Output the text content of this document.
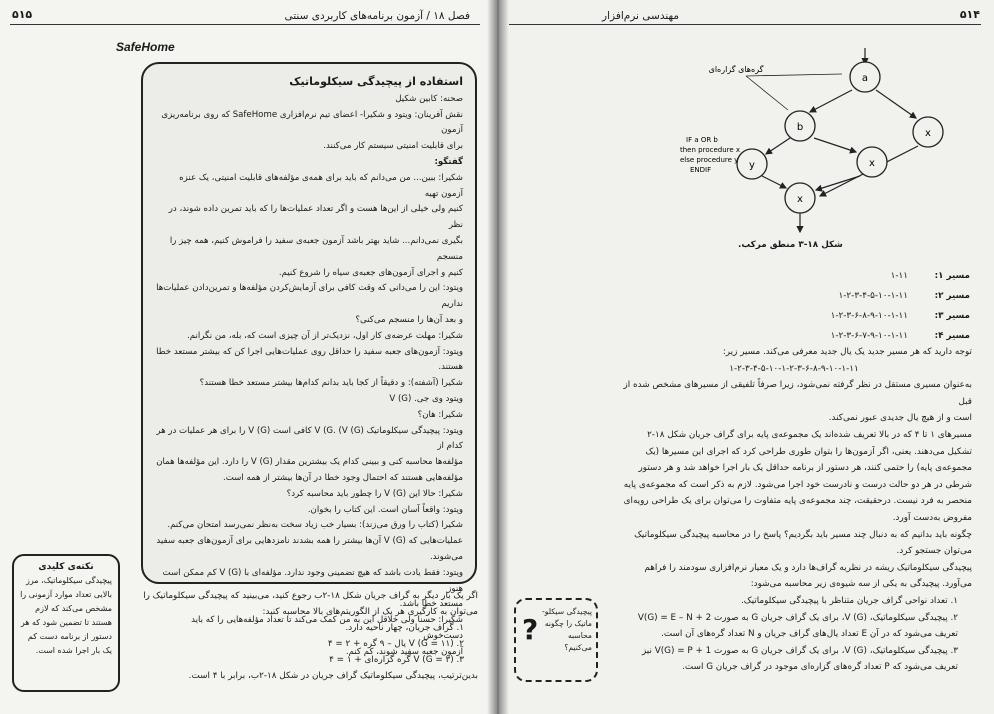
۵۱۵	فصل ۱۸ / آزمون برنامه‌های کاربردی سنتی
SafeHome
استفاده از پیچیدگی سیکلوماتیک

صحنه: کابین شکیل

نقش آفرینان: ویتود و شکیرا- اعضای تیم نرم‌افزاری SafeHome که روی برنامه‌ریزی آزمون

برای قابلیت امنیتی سیستم کار می‌کنند.

گفتگو:

شکیرا: ببین... من می‌دانم که باید برای همه‌ی مؤلفه‌های قابلیت امنیتی، یک عنزه آزمون تهیه

کنیم ولی خیلی از این‌ها هست و اگر تعداد عملیات‌ها را که باید تمرین داده شوند، در نظر

بگیری نمی‌دانم... شاید بهتر باشد آزمون جعبه‌ی سفید را فراموش کنیم، همه چیز را منسجم

کنیم و اجرای آزمون‌های جعبه‌ی سیاه را شروع کنیم.

ویتود: این را می‌دانی که وقت کافی برای آزمایش‌کردن مؤلفه‌ها و تمرین‌دادن عملیات‌ها نداریم

و بعد آن‌ها را منسجم می‌کنی؟

شکیرا: مهلت عرضه‌ی کار اول، نزدیک‌تر از آن چیزی است که، بله، من نگرانم.

ویتود: آزمون‌های جعبه سفید را حداقل روی عملیات‌هایی اجرا کن که بیشتر مستعد خطا

هستند.

شکیرا (آشفته): و دقیقاً از کجا باید بدانم کدام‌ها بیشتر مستعد خطا هستند؟

ویتود وی جی. (V (G

شکیرا: هان؟

ویتود: پیچیدگی سیکلوماتیک (V (G. (V (G کافی است (V (G را برای هر عملیات در هر کدام از

مؤلفه‌ها محاسبه کنی و ببینی کدام یک بیشترین مقدار (V (G را دارد. این مؤلفه‌ها همان

مؤلفه‌هایی هستند که احتمال وجود خطا در آن‌ها بیشتر از همه است.

شکیرا: حالا این (V (G را چطور باید محاسبه کرد؟

ویتود: واقعاً آسان است. این کتاب را بخوان.

شکیرا (کتاب را ورق می‌زند): بسیار خب زیاد سخت به‌نظر نمی‌رسد امتحان می‌کنم.

عملیات‌هایی که (V (G آن‌ها بیشتر را همه بشدند نامزدهایی برای آزمون‌های جعبه سفید می‌شوند.

ویتود: فقط یادت باشد که هیچ تضمینی وجود ندارد. مؤلفه‌ای با (V (G کم ممکن است هنوز

مستعد خطا باشد.

شکیرا: حسنا ولی خلاقل این به من کمک می‌کند تا تعداد مؤلفه‌هایی را که باید دست‌خوش

آزمون جعبه سفید شوند، کم کنم.

اگر یک بار دیگر به گراف جریان شکل ۱۸-۲ب رجوع کنید، می‌بینید که پیچیدگی سیکلوماتیک را

می‌توان به کارگیری هر یک از الگوریتم‌های بالا محاسبه کنید:

۱. گراف جریان، چهار ناحیه دارد.

۲. (V (G = ۱۱ یال – ۹ گره + ۲ = ۴

۳. (V (G = ۳ گره گزاره‌ای + ۱ = ۴

بدین‌ترتیب، پیچیدگی سیکلوماتیک گراف جریان در شکل ۱۸-۲ب، برابر با ۴ است.

نکته‌ی کلیدی
پیچیدگی سیکلوماتیک، مرز
بالایی تعداد موارد آزمونی را
مشخص می‌کند که لازم
هستند تا تضمین شود که هر
دستور از برنامه دست کم
یک بار اجرا شده است.
۵۱۴
مهندسی نرم‌افزار
a
b
x
y	x
x
گره‌های گزاره‌ای
IF a OR b
then procedure x
else procedure y
ENDIF
شکل ۱۸-۳ منطق مرکب.
مسیر ۱:
۱-۱۱
مسیر ۲:
۱-۲-۳-۴-۵-۱۰-۱-۱۱
مسیر ۳:
۱-۲-۳-۶-۸-۹-۱۰-۱-۱۱
مسیر ۴:
۱-۲-۳-۶-۷-۹-۱۰-۱-۱۱

توجه دارید که هر مسیر جدید یک یال جدید معرفی می‌کند. مسیر زیر:

۱-۲-۳-۴-۵-۱۰-۱-۲-۳-۶-۸-۹-۱۰-۱-۱۱

به‌عنوان مسیری مستقل در نظر گرفته نمی‌شود، زیرا صرفاً تلفیقی از مسیرهای مشخص شده از قبل

است و از هیچ یال جدیدی عبور نمی‌کند.

مسیرهای ۱ تا ۴ که در بالا تعریف شده‌اند یک مجموعه‌ی پایه برای گراف جریان شکل ۱۸-۲

تشکیل می‌دهند. یعنی، اگر آزمون‌ها را بتوان طوری طراحی کرد که اجرای این مسیرها (یک

مجموعه‌ی پایه) را حتمی کنند، هر دستور از برنامه حداقل یک بار اجرا خواهد شد و هر دستور

شرطی در هر دو حالت درست و نادرست خود اجرا می‌شود. لازم به ذکر است که مجموعه‌ی پایه

منحصر به فرد نیست. درحقیقت، چند مجموعه‌ی پایه متفاوت را می‌توان برای یک طراحی رویه‌ای

مفروض به‌دست آورد.

چگونه باید بدانیم که به دنبال چند مسیر باید بگردیم؟ پاسخ را در محاسبه پیچیدگی سیکلوماتیک

می‌توان جستجو کرد.

پیچیدگی سیکلوماتیک ریشه در نظریه گراف‌ها دارد و یک معیار نرم‌افزاری سودمند را فراهم

می‌آورد. پیچیدگی به یکی از سه شیوه‌ی زیر محاسبه می‌شود:

۱. تعداد نواحی گراف جریان متناظر با پیچیدگی سیکلوماتیک.

۲. پیچیدگی سیکلوماتیک، (V (G، برای یک گراف جریان G به صورت V(G) = E – N + 2

تعریف می‌شود که در آن E تعداد یال‌های گراف جریان و N تعداد گره‌های آن است.

۳. پیچیدگی سیکلوماتیک، (V (G، برای یک گراف جریان G به صورت V(G) = P + 1 نیز

تعریف می‌شود که P تعداد گره‌های گزاره‌ای موجود در گراف جریان G است.

?
پیچیدگی سیکلو-
ماتیک را چگونه
محاسبه می‌کنیم؟
